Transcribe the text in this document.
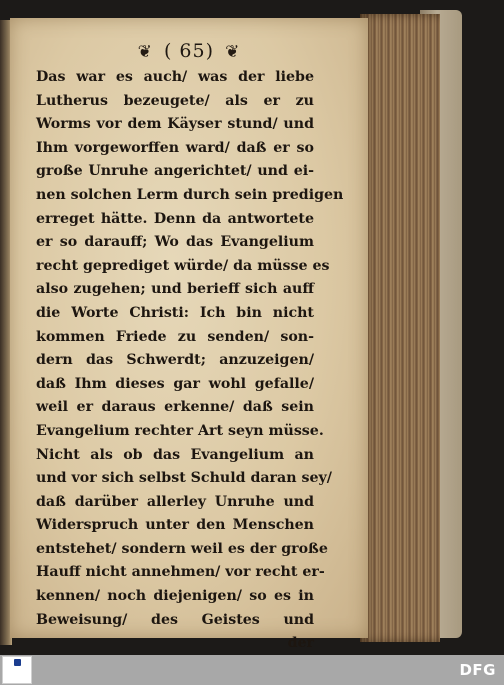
❦ ( 65) ❦
Das war es auch/ was der liebe
Lutherus bezeugete/ als er zu
Worms vor dem Käyser stund/ und
Ihm vorgeworffen ward/ daß er so
große Unruhe angerichtet/ und ei-
nen solchen Lerm durch sein predigen
erreget hätte. Denn da antwortete
er so darauff; Wo das Evangelium
recht geprediget würde/ da müsse es
also zugehen; und berieff sich auff
die Worte Christi: Ich bin nicht
kommen Friede zu senden/ son-
dern das Schwerdt; anzuzeigen/
daß Ihm dieses gar wohl gefalle/
weil er daraus erkenne/ daß sein
Evangelium rechter Art seyn müsse.
Nicht als ob das Evangelium an
und vor sich selbst Schuld daran sey/
daß darüber allerley Unruhe und
Widerspruch unter den Menschen
entstehet/ sondern weil es der große
Hauff nicht annehmen/ vor recht er-
kennen/ noch diejenigen/ so es in
Beweisung/ des Geistes und
der
DFG
